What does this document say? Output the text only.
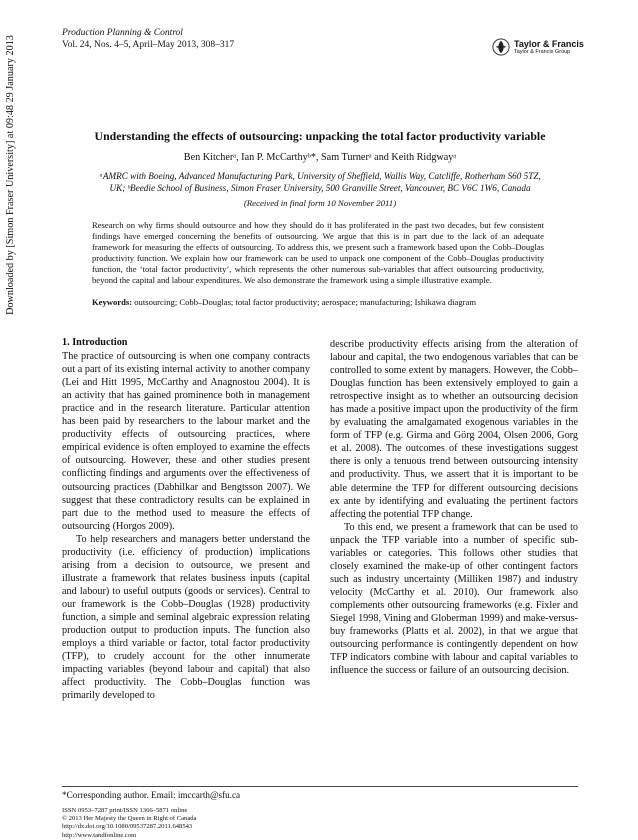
Downloaded by [Simon Fraser University] at 09:48 29 January 2013
Production Planning & Control
Vol. 24, Nos. 4–5, April–May 2013, 308–317	Taylor & Francis
Taylor & Francis Group
Understanding the effects of outsourcing: unpacking the total factor productivity variable
Ben Kitcherᵃ, Ian P. McCarthyᵇ*, Sam Turnerᵃ and Keith Ridgwayᵃ
ᵃAMRC with Boeing, Advanced Manufacturing Park, University of Sheffield, Wallis Way, Catcliffe, Rotherham S60 5TZ,
UK; ᵇBeedie School of Business, Simon Fraser University, 500 Granville Street, Vancouver, BC V6C 1W6, Canada
(Received in final form 10 November 2011)
Research on why firms should outsource and how they should do it has proliferated in the past two decades, but few consistent findings have emerged concerning the benefits of outsourcing. We argue that this is in part due to the lack of an adequate framework for measuring the effects of outsourcing. To address this, we present such a framework based upon the Cobb–Douglas productivity function. We explain how our framework can be used to unpack one component of the Cobb–Douglas productivity function, the ‘total factor productivity’, which represents the other numerous sub-variables that affect outsourcing productivity, beyond the capital and labour expenditures. We also demonstrate the framework using a simple illustrative example.
Keywords: outsourcing; Cobb–Douglas; total factor productivity; aerospace; manufacturing; Ishikawa diagram
1. Introduction

The practice of outsourcing is when one company contracts out a part of its existing internal activity to another company (Lei and Hitt 1995, McCarthy and Anagnostou 2004). It is an activity that has gained prominence both in management practice and in the research literature. Particular attention has been paid by researchers to the labour market and the productivity effects of outsourcing practices, where empirical evidence is often employed to examine the effects of outsourcing. However, these and other studies present conflicting findings and arguments over the effectiveness of outsourcing practices (Dabhilkar and Bengtsson 2007). We suggest that these contradictory results can be explained in part due to the method used to measure the effects of outsourcing (Horgos 2009).

To help researchers and managers better understand the productivity (i.e. efficiency of production) implications arising from a decision to outsource, we present and illustrate a framework that relates business inputs (capital and labour) to useful outputs (goods or services). Central to our framework is the Cobb–Douglas (1928) productivity function, a simple and seminal algebraic expression relating production output to production inputs. The function also employs a third variable or factor, total factor productivity (TFP), to crudely account for the other innumerate impacting variables (beyond labour and capital) that also affect productivity. The Cobb–Douglas function was primarily developed to

describe productivity effects arising from the alteration of labour and capital, the two endogenous variables that can be controlled to some extent by managers. However, the Cobb–Douglas function has been extensively employed to gain a retrospective insight as to whether an outsourcing decision has made a positive impact upon the productivity of the firm by evaluating the amalgamated exogenous variables in the form of TFP (e.g. Girma and Görg 2004, Olsen 2006, Gorg et al. 2008). The outcomes of these investigations suggest there is only a tenuous trend between outsourcing intensity and productivity. Thus, we assert that it is important to be able determine the TFP for different outsourcing decisions ex ante by identifying and evaluating the pertinent factors affecting the potential TFP change.

To this end, we present a framework that can be used to unpack the TFP variable into a number of specific sub-variables or categories. This follows other studies that closely examined the make-up of other contingent factors such as industry uncertainty (Milliken 1987) and industry velocity (McCarthy et al. 2010). Our framework also complements other outsourcing frameworks (e.g. Fixler and Siegel 1998, Vining and Globerman 1999) and make-versus-buy frameworks (Platts et al. 2002), in that we argue that outsourcing performance is contingently dependent on how TFP indicators combine with labour and capital variables to influence the success or failure of an outsourcing decision.

*Corresponding author. Email: imccarth@sfu.ca
ISSN 0953–7287 print/ISSN 1366–5871 online
© 2013 Her Majesty the Queen in Right of Canada
http://dx.doi.org/10.1080/09537287.2011.648543
http://www.tandfonline.com
